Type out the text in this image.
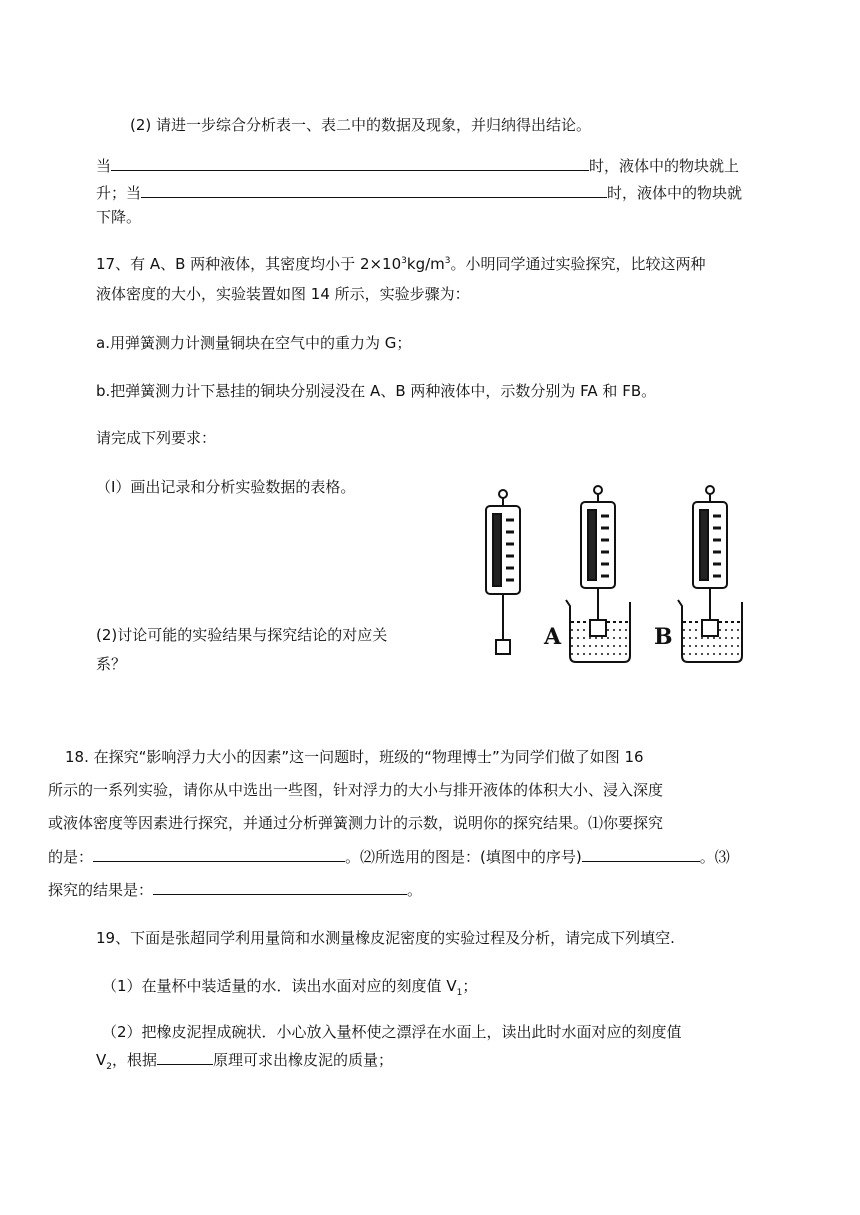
(2) 请进一步综合分析表一、表二中的数据及现象，并归纳得出结论。
当	时，液体中的物块就上
升；当	时，液体中的物块就
下降。
17、有 A、B 两种液体，其密度均小于 $2\times 10^3kg/m^3$。小明同学通过实验探究，比较这两种
液体密度的大小，实验装置如图 14 所示，实验步骤为：
a.用弹簧测力计测量铜块在空气中的重力为 G；
b.把弹簧测力计下悬挂的铜块分别浸没在 A、B 两种液体中，示数分别为 FA 和 FB。
请完成下列要求：
（I）画出记录和分析实验数据的表格。
(2)讨论可能的实验结果与探究结论的对应关
系？
A	B
18. 在探究“影响浮力大小的因素”这一问题时，班级的“物理博士”为同学们做了如图 16
所示的一系列实验，请你从中选出一些图，针对浮力的大小与排开液体的体积大小、浸入深度
或液体密度等因素进行探究，并通过分析弹簧测力计的示数，说明你的探究结果。⑴你要探究
的是：	。⑵所选用的图是：(填图中的序号)	。⑶
探究的结果是：	。
19、下面是张超同学利用量筒和水测量橡皮泥密度的实验过程及分析，请完成下列填空.
（1）在量杯中装适量的水．读出水面对应的刻度值 $V_1$；
（2）把橡皮泥捏成碗状．小心放入量杯使之漂浮在水面上，读出此时水面对应的刻度值
$V_2$，根据	原理可求出橡皮泥的质量；
